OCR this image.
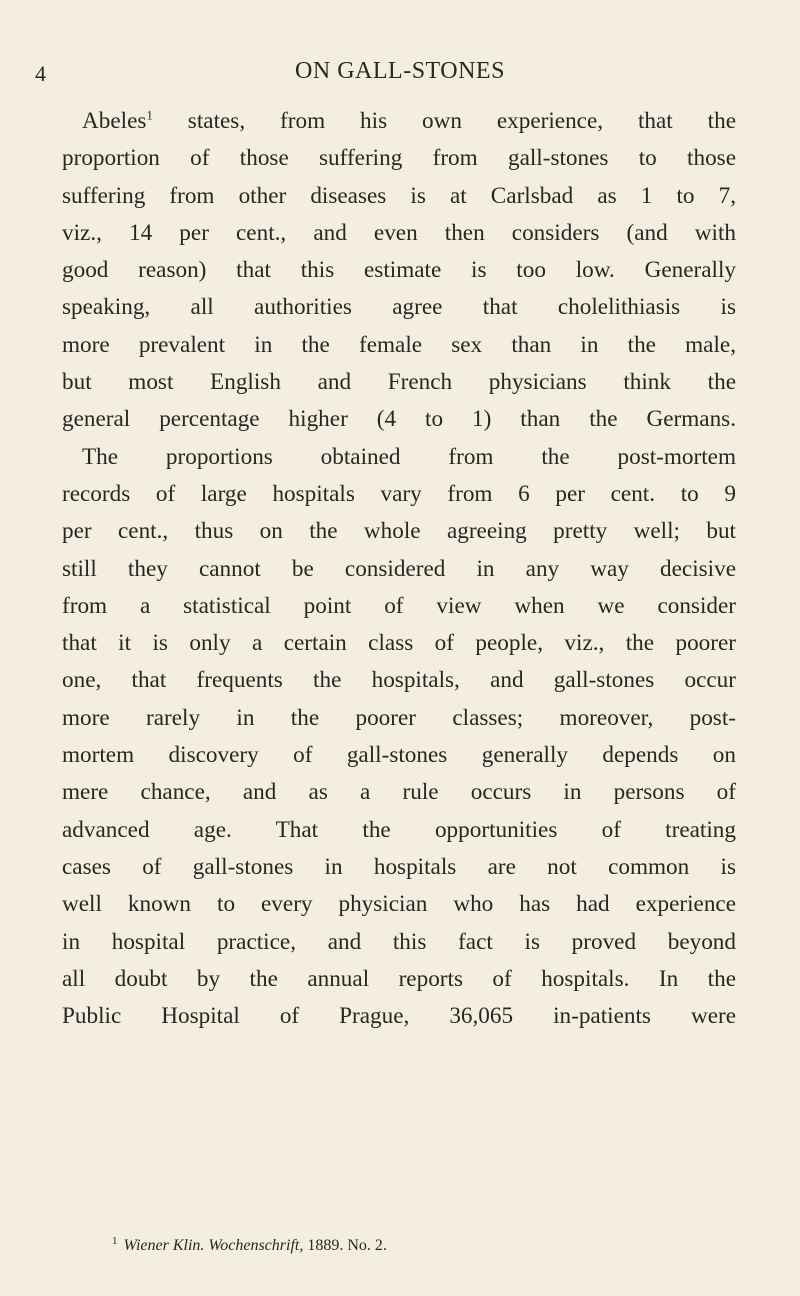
4	ON GALL-STONES
Abeles$^1$ states, from his own experience, that the
proportion of those suffering from gall-stones to those
suffering from other diseases is at Carlsbad as 1 to 7,
viz., 14 per cent., and even then considers (and with
good reason) that this estimate is too low. Generally
speaking, all authorities agree that cholelithiasis is
more prevalent in the female sex than in the male,
but most English and French physicians think the
general percentage higher (4 to 1) than the Germans.
The proportions obtained from the post-mortem
records of large hospitals vary from 6 per cent. to 9
per cent., thus on the whole agreeing pretty well; but
still they cannot be considered in any way decisive
from a statistical point of view when we consider
that it is only a certain class of people, viz., the poorer
one, that frequents the hospitals, and gall-stones occur
more rarely in the poorer classes; moreover, post-
mortem discovery of gall-stones generally depends on
mere chance, and as a rule occurs in persons of
advanced age. That the opportunities of treating
cases of gall-stones in hospitals are not common is
well known to every physician who has had experience
in hospital practice, and this fact is proved beyond
all doubt by the annual reports of hospitals. In the
Public Hospital of Prague, 36,065 in-patients were
$^1$ Wiener Klin. Wochenschrift, 1889. No. 2.
